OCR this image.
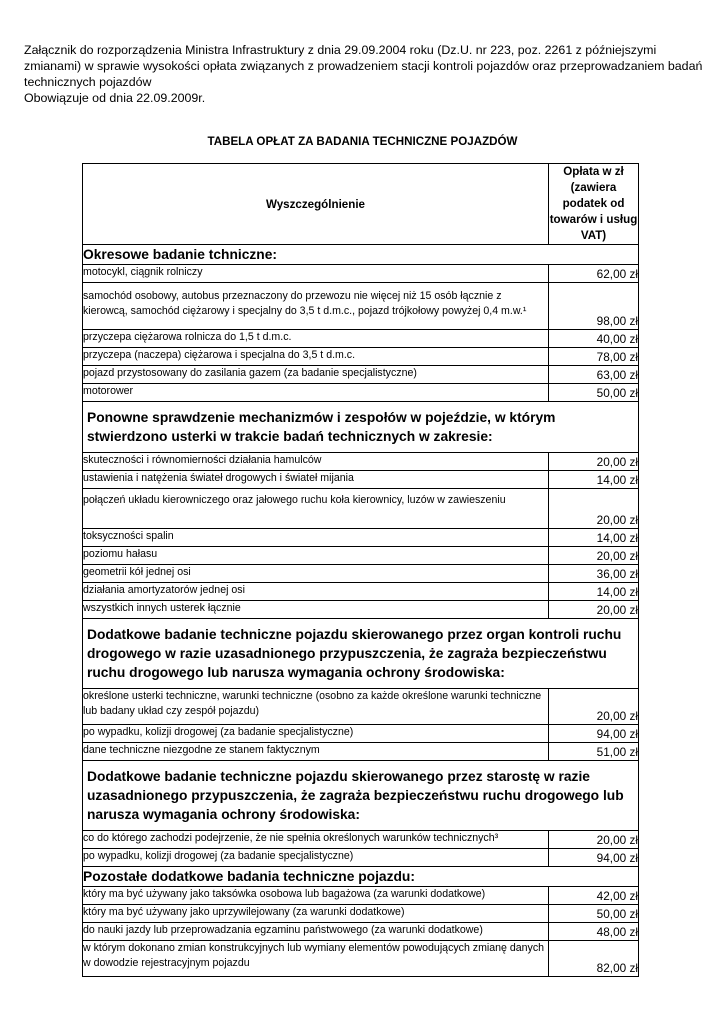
Załącznik do rozporządzenia Ministra Infrastruktury z dnia 29.09.2004 roku (Dz.U. nr 223, poz. 2261 z późniejszymi zmianami) w sprawie wysokości opłata związanych z prowadzeniem stacji kontroli pojazdów oraz przeprowadzaniem badań technicznych pojazdów

Obowiązuje od dnia 22.09.2009r.

TABELA OPŁAT ZA BADANIA TECHNICZNE POJAZDÓW
Wyszczególnienie	Opłata w zł (zawiera podatek od towarów i usług VAT)
Okresowe badanie tchniczne:	
motocykl, ciągnik rolniczy	62,00 zł
samochód osobowy, autobus przeznaczony do przewozu nie więcej niż 15 osób łącznie z kierowcą, samochód ciężarowy i specjalny do 3,5 t d.m.c., pojazd trójkołowy powyżej 0,4 m.w.¹	98,00 zł
przyczepa ciężarowa rolnicza do 1,5 t d.m.c.	40,00 zł
przyczepa (naczepa) ciężarowa i specjalna do 3,5 t d.m.c.	78,00 zł
pojazd przystosowany do zasilania gazem (za badanie specjalistyczne)	63,00 zł
motorower	50,00 zł
Ponowne sprawdzenie mechanizmów i zespołów w pojeździe, w którym stwierdzono usterki w trakcie badań technicznych w zakresie:	
skuteczności i równomierności działania hamulców	20,00 zł
ustawienia i natężenia świateł drogowych i świateł mijania	14,00 zł
połączeń układu kierowniczego oraz jałowego ruchu koła kierownicy, luzów w zawieszeniu	20,00 zł
toksyczności spalin	14,00 zł
poziomu hałasu	20,00 zł
geometrii kół jednej osi	36,00 zł
działania amortyzatorów jednej osi	14,00 zł
wszystkich innych usterek łącznie	20,00 zł
Dodatkowe badanie techniczne pojazdu skierowanego przez organ kontroli ruchu drogowego w razie uzasadnionego przypuszczenia, że zagraża bezpieczeństwu ruchu drogowego lub narusza wymagania ochrony środowiska:	
określone usterki techniczne, warunki techniczne (osobno za każde określone warunki techniczne lub badany układ czy zespół pojazdu)	20,00 zł
po wypadku, kolizji drogowej (za badanie specjalistyczne)	94,00 zł
dane techniczne niezgodne ze stanem faktycznym	51,00 zł
Dodatkowe badanie techniczne pojazdu skierowanego przez starostę w razie uzasadnionego przypuszczenia, że zagraża bezpieczeństwu ruchu drogowego lub narusza wymagania ochrony środowiska:	
co do którego zachodzi podejrzenie, że nie spełnia określonych warunków technicznych³	20,00 zł
po wypadku, kolizji drogowej (za badanie specjalistyczne)	94,00 zł
Pozostałe dodatkowe badania techniczne pojazdu:	
który ma być używany jako taksówka osobowa lub bagażowa (za warunki dodatkowe)	42,00 zł
który ma być używany jako uprzywilejowany (za warunki dodatkowe)	50,00 zł
do nauki jazdy lub przeprowadzania egzaminu państwowego (za warunki dodatkowe)	48,00 zł
w którym dokonano zmian konstrukcyjnych lub wymiany elementów powodujących zmianę danych w dowodzie rejestracyjnym pojazdu	82,00 zł
